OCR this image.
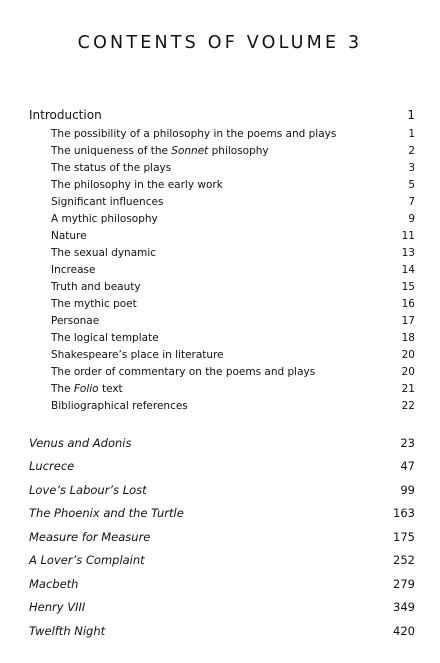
CONTENTS OF VOLUME 3
Introduction	1
The possibility of a philosophy in the poems and plays	1
The uniqueness of the Sonnet philosophy	2
The status of the plays	3
The philosophy in the early work	5
Significant influences	7
A mythic philosophy	9
Nature	11
The sexual dynamic	13
Increase	14
Truth and beauty	15
The mythic poet	16
Personae	17
The logical template	18
Shakespeare’s place in literature	20
The order of commentary on the poems and plays	20
The Folio text	21
Bibliographical references	22
Venus and Adonis	23
Lucrece	47
Love’s Labour’s Lost	99
The Phoenix and the Turtle	163
Measure for Measure	175
A Lover’s Complaint	252
Macbeth	279
Henry VIII	349
Twelfth Night	420
